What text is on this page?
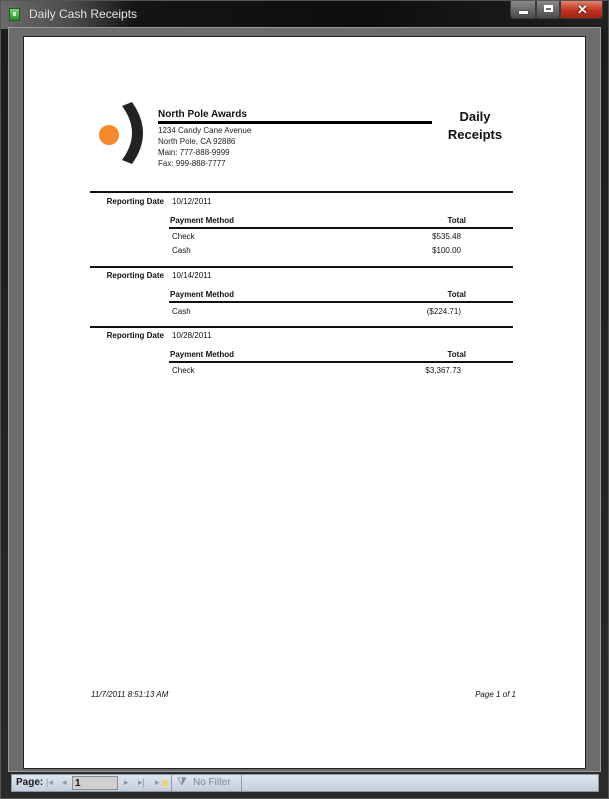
Daily Cash Receipts	✕
North Pole Awards
1234 Candy Cane Avenue
North Pole, CA 92886
Main: 777-888-9999
Fax: 999-888-7777
Daily
Receipts
Reporting Date 10/12/2011
Payment Method	Total
Check	$535.48
Cash	$100.00
Reporting Date 10/14/2011
Payment Method	Total
Cash	($224.71)
Reporting Date 10/28/2011
Payment Method	Total
Check	$3,367.73
11/7/2011 8:51:13 AM	Page 1 of 1
Page: |◂ ◂
1	▸ ▸| ▸ ⧩ No Filter
